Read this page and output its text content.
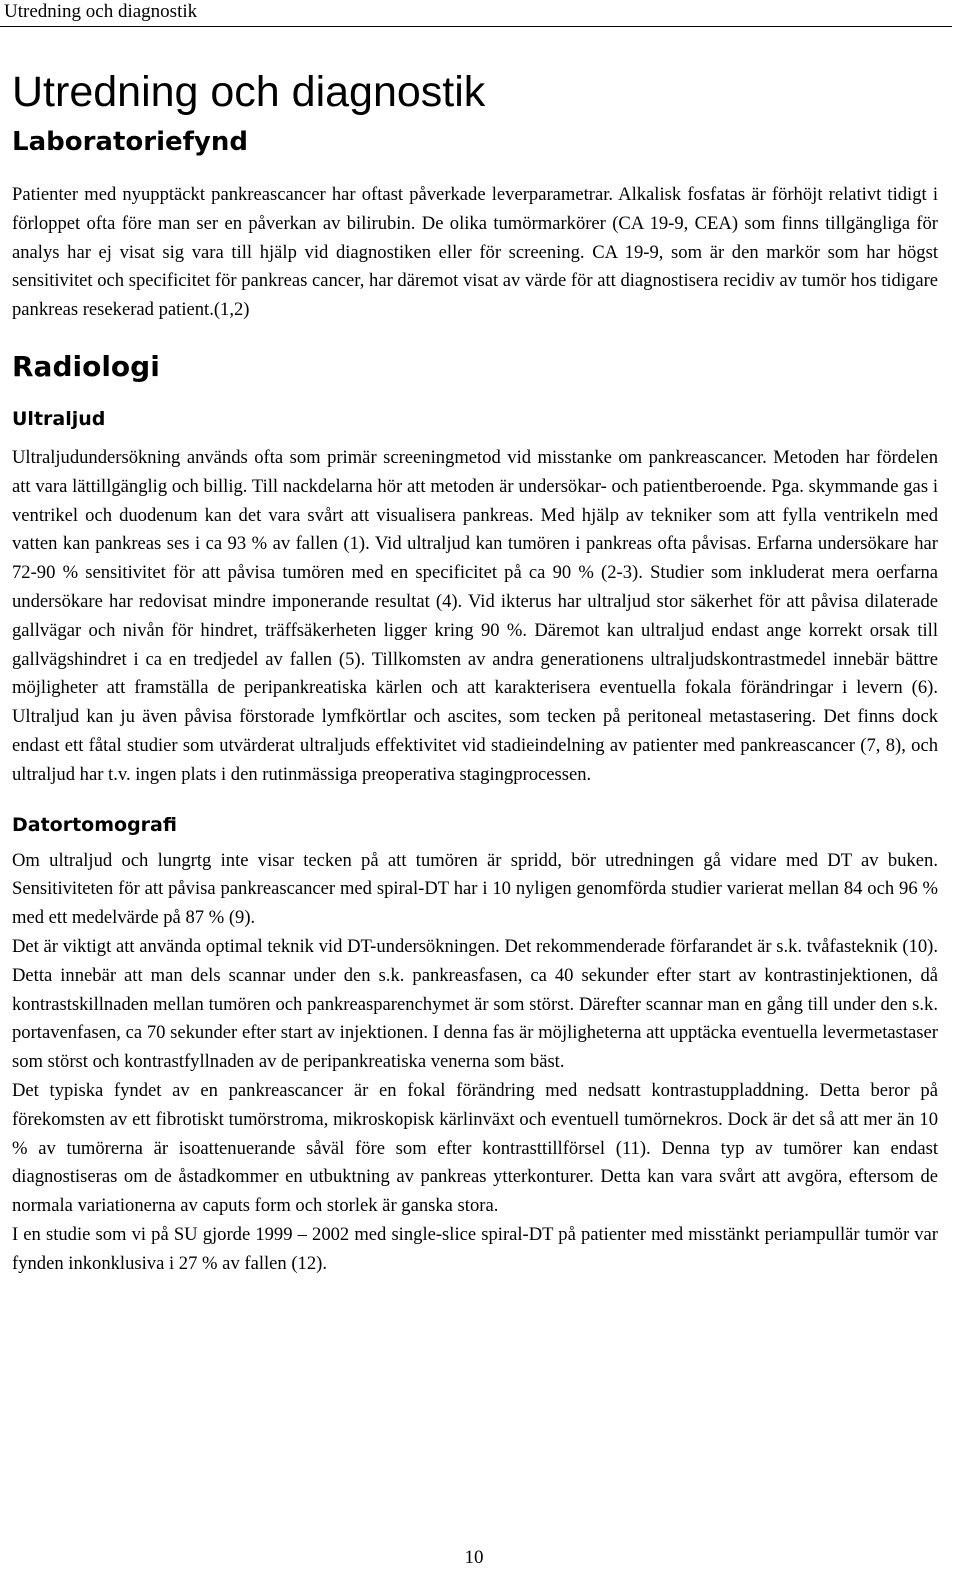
Utredning och diagnostik
Utredning och diagnostik
Laboratoriefynd

Patienter med nyupptäckt pankreascancer har oftast påverkade leverparametrar. Alkalisk fosfatas är förhöjt relativt tidigt i förloppet ofta före man ser en påverkan av bilirubin. De olika tumörmarkörer (CA 19-9, CEA) som finns tillgängliga för analys har ej visat sig vara till hjälp vid diagnostiken eller för screening. CA 19-9, som är den markör som har högst sensitivitet och specificitet för pankreas cancer, har däremot visat av värde för att diagnostisera recidiv av tumör hos tidigare pankreas resekerad patient.(1,2)

Radiologi
Ultraljud

Ultraljudundersökning används ofta som primär screeningmetod vid misstanke om pankreascancer. Metoden har fördelen att vara lättillgänglig och billig. Till nackdelarna hör att metoden är undersökar- och patientberoende. Pga. skymmande gas i ventrikel och duodenum kan det vara svårt att visualisera pankreas. Med hjälp av tekniker som att fylla ventrikeln med vatten kan pankreas ses i ca 93 % av fallen (1). Vid ultraljud kan tumören i pankreas ofta påvisas. Erfarna undersökare har 72-90 % sensitivitet för att påvisa tumören med en specificitet på ca 90 % (2-3). Studier som inkluderat mera oerfarna undersökare har redovisat mindre imponerande resultat (4). Vid ikterus har ultraljud stor säkerhet för att påvisa dilaterade gallvägar och nivån för hindret, träffsäkerheten ligger kring 90 %. Däremot kan ultraljud endast ange korrekt orsak till gallvägshindret i ca en tredjedel av fallen (5). Tillkomsten av andra generationens ultraljudskontrastmedel innebär bättre möjligheter att framställa de peripankreatiska kärlen och att karakterisera eventuella fokala förändringar i levern (6). Ultraljud kan ju även påvisa förstorade lymfkörtlar och ascites, som tecken på peritoneal metastasering. Det finns dock endast ett fåtal studier som utvärderat ultraljuds effektivitet vid stadieindelning av patienter med pankreascancer (7, 8), och ultraljud har t.v. ingen plats i den rutinmässiga preoperativa stagingprocessen.

Datortomografi

Om ultraljud och lungrtg inte visar tecken på att tumören är spridd, bör utredningen gå vidare med DT av buken. Sensitiviteten för att påvisa pankreascancer med spiral-DT har i 10 nyligen genomförda studier varierat mellan 84 och 96 % med ett medelvärde på 87 % (9).

Det är viktigt att använda optimal teknik vid DT-undersökningen. Det rekommenderade förfarandet är s.k. tvåfasteknik (10). Detta innebär att man dels scannar under den s.k. pankreasfasen, ca 40 sekunder efter start av kontrastinjektionen, då kontrastskillnaden mellan tumören och pankreasparenchymet är som störst. Därefter scannar man en gång till under den s.k. portavenfasen, ca 70 sekunder efter start av injektionen. I denna fas är möjligheterna att upptäcka eventuella levermetastaser som störst och kontrastfyllnaden av de peripankreatiska venerna som bäst.

Det typiska fyndet av en pankreascancer är en fokal förändring med nedsatt kontrastuppladdning. Detta beror på förekomsten av ett fibrotiskt tumörstroma, mikroskopisk kärlinväxt och eventuell tumörnekros. Dock är det så att mer än 10 % av tumörerna är isoattenuerande såväl före som efter kontrasttillförsel (11). Denna typ av tumörer kan endast diagnostiseras om de åstadkommer en utbuktning av pankreas ytterkonturer. Detta kan vara svårt att avgöra, eftersom de normala variationerna av caputs form och storlek är ganska stora.

I en studie som vi på SU gjorde 1999 – 2002 med single-slice spiral-DT på patienter med misstänkt periampullär tumör var fynden inkonklusiva i 27 % av fallen (12).

10
